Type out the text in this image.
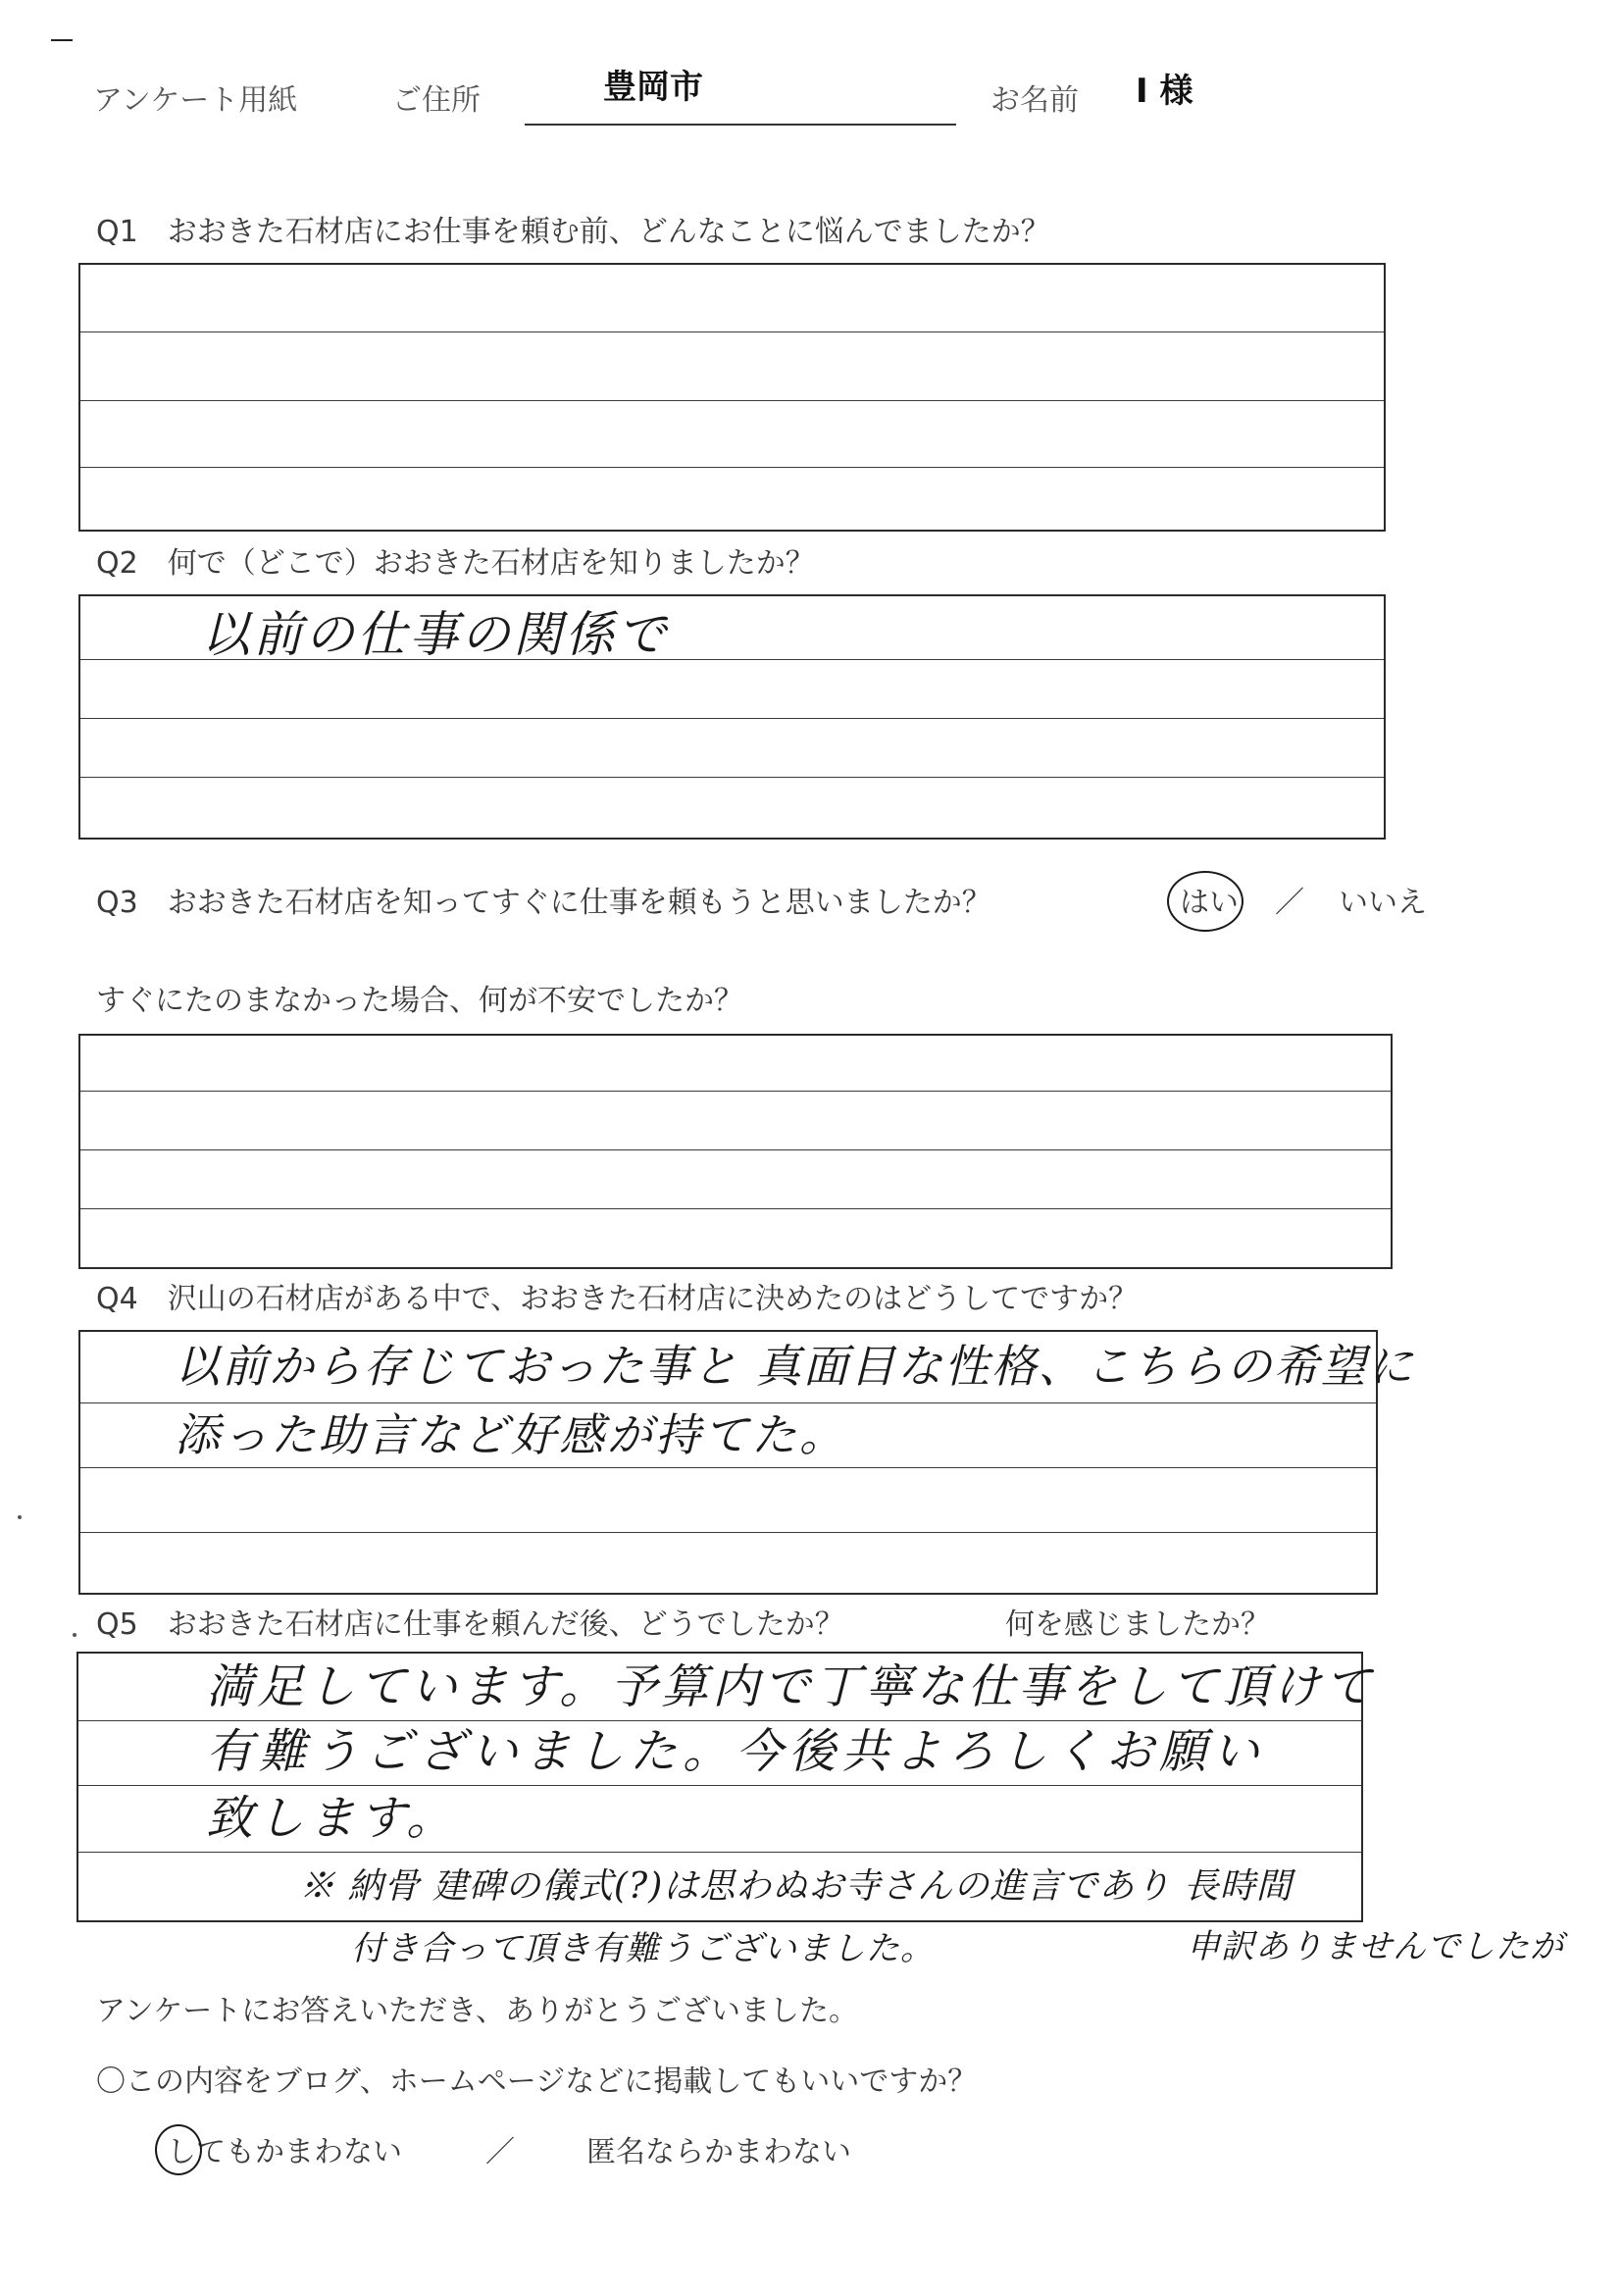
アンケート用紙	ご住所	豊岡市	お名前 I 様
Q1　おおきた石材店にお仕事を頼む前、どんなことに悩んでましたか？
Q2　何で（どこで）おおきた石材店を知りましたか？
以前の仕事の関係で
Q3　おおきた石材店を知ってすぐに仕事を頼もうと思いましたか？	はい ／ いいえ
すぐにたのまなかった場合、何が不安でしたか？
Q4　沢山の石材店がある中で、おおきた石材店に決めたのはどうしてですか？
以前から存じておった事と 真面目な性格、こちらの希望に
添った助言など好感が持てた。
Q5　おおきた石材店に仕事を頼んだ後、どうでしたか？	何を感じましたか？
満足しています。予算内で丁寧な仕事をして頂けて
有難うございました。今後共よろしくお願い
致します。
※ 納骨 建碑の儀式(?)は思わぬお寺さんの進言であり 長時間
付き合って頂き有難うございました。	申訳ありませんでしたが
アンケートにお答えいただき、ありがとうございました。
〇この内容をブログ、ホームページなどに掲載してもいいですか？
してもかまわない	／ 匿名ならかまわない
